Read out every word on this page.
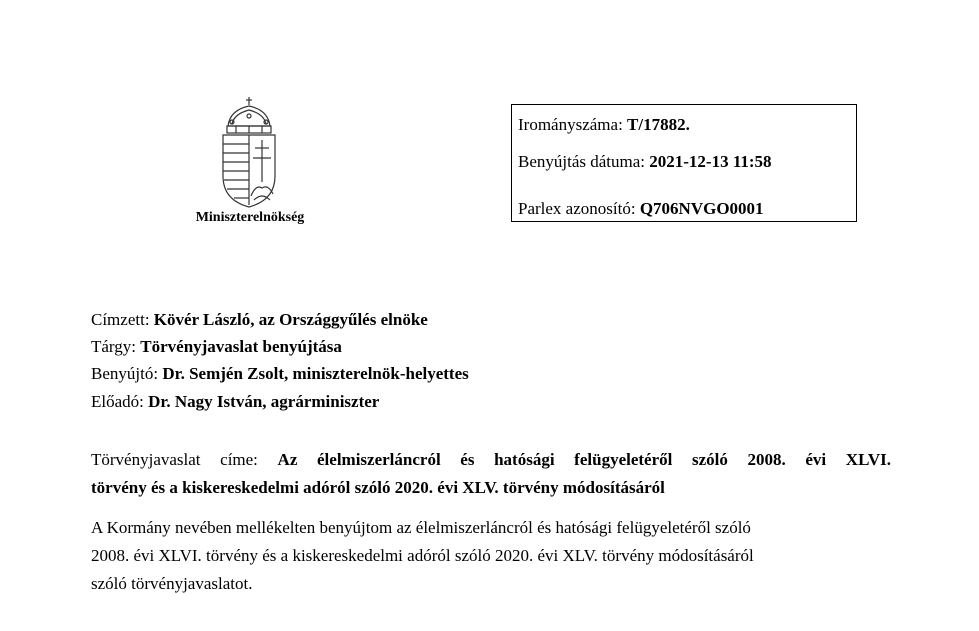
Miniszterelnökség
Irományszáma: T/17882.
Benyújtás dátuma: 2021-12-13 11:58
Parlex azonosító: Q706NVGO0001
Címzett: Kövér László, az Országgyűlés elnöke
Tárgy: Törvényjavaslat benyújtása
Benyújtó: Dr. Semjén Zsolt, miniszterelnök-helyettes
Előadó: Dr. Nagy István, agrárminiszter
Törvényjavaslat címe: Az élelmiszerláncról és hatósági felügyeletéről szóló 2008. évi XLVI.
törvény és a kiskereskedelmi adóról szóló 2020. évi XLV. törvény módosításáról
A Kormány nevében mellékelten benyújtom az élelmiszerláncról és hatósági felügyeletéről szóló
2008. évi XLVI. törvény és a kiskereskedelmi adóról szóló 2020. évi XLV. törvény módosításáról
szóló törvényjavaslatot.
